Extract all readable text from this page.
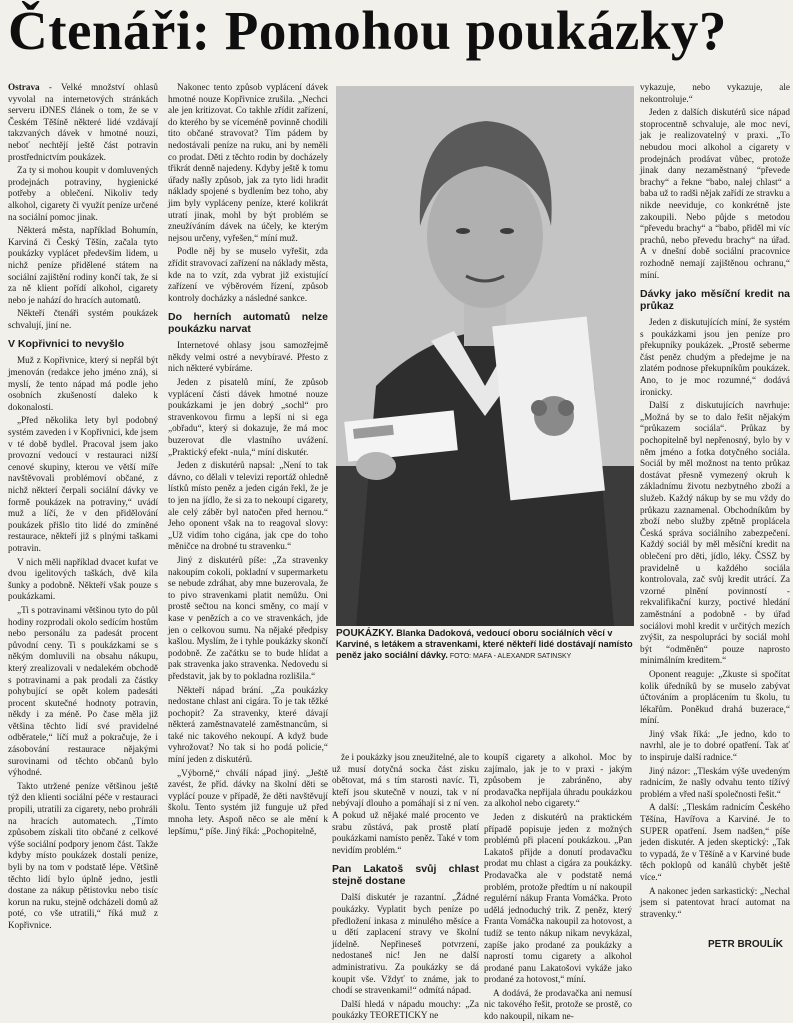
Čtenáři: Pomohou poukázky?

Ostrava - Velké množství ohlasů vyvolal na internetových stránkách serveru iDNES článek o tom, že se v Českém Těšíně některé lidé vzdávají takzvaných dávek v hmotné nouzi, neboť nechtějí ještě část potravin prostřednictvím poukázek.

Za ty si mohou koupit v domluvených prodejnách potraviny, hygienické potřeby a oblečení. Nikoliv tedy alkohol, cigarety či využít peníze určené na sociální pomoc jinak.

Některá města, například Bohumín, Karviná či Český Těšín, začala tyto poukázky vyplácet především lidem, u nichž peníze přidělené státem na sociální zajištění rodiny končí tak, že si za ně klient pořídí alkohol, cigarety nebo je nahází do hracích automatů.

Někteří čtenáři systém poukázek schvalují, jiní ne.

V Kopřivnici to nevyšlo

Muž z Kopřivnice, který si nepřál být jmenován (redakce jeho jméno zná), si myslí, že tento nápad má podle jeho osobních zkušeností daleko k dokonalosti.

„Před několika lety byl podobný systém zaveden i v Kopřivnici, kde jsem v té době bydlel. Pracoval jsem jako provozní vedoucí v restauraci nižší cenové skupiny, kterou ve větší míře navštěvovali problémoví občané, z nichž některí čerpali sociální dávky ve formě poukázek na potraviny,“ uvádí muž a líčí, že v den přidělování poukázek přišlo tito lidé do zmíněné restaurace, někteří již s plnými taškami potravin.

V nich měli například dvacet kufat ve dvou igelitových taškách, dvě kila šunky a podobně. Někteří však pouze s poukázkami.

„Ti s potravinami většinou tyto do půl hodiny rozprodali okolo sedícím hostům nebo personálu za padesát procent původní ceny. Ti s poukázkami se s někým domluvili na obsahu nákupu, který zrealizovali v nedalekém obchodě s potravinami a pak prodali za částky pohybující se opět kolem padesáti procent skutečné hodnoty potravin, někdy i za méně. Po čase měla již většina těchto lidí své pravidelné odběratele,“ líčí muž a pokračuje, že i zásobování restaurace nějakými surovinami od těchto občanů bylo výhodné.

Takto utržené peníze většinou ještě týž den klienti sociální péče v restauraci propili, utratili za cigarety, nebo prohráli na hracích automatech. „Tímto způsobem získali tito občané z celkové výše sociální podpory jenom část. Takže kdyby místo poukázek dostali peníze, byli by na tom v podstatě lépe. Většině těchto lidí bylo úplně jedno, jestli dostane za nákup pětistovku nebo tisíc korun na ruku, stejně odcházeli domů až poté, co vše utratili,“ říká muž z Kopřivnice.

Nakonec tento způsob vyplácení dávek hmotné nouze Kopřivnice zrušila. „Nechci ale jen kritizovat. Co takhle zřídit zařízení, do kterého by se víceméně povinně chodili tito občané stravovat? Tím pádem by nedostávali peníze na ruku, ani by neměli co prodat. Děti z těchto rodin by docházely třikrát denně najedeny. Kdyby ještě k tomu úřady našly způsob, jak za tyto lidi hradit náklady spojené s bydlením bez toho, aby jim byly vypláceny peníze, které kolikrát utratí jinak, mohl by být problém se zneužíváním dávek na účely, ke kterým nejsou určeny, vyřešen,“ míní muž.

Podle něj by se muselo vyřešit, zda zřídit stravovací zařízení na náklady města, kde na to vzít, zda vybrat již existující zařízení ve výběrovém řízení, způsob kontroly docházky a následné sankce.

Do herních automatů nelze poukázku narvat

Internetové ohlasy jsou samozřejmě někdy velmi ostré a nevybíravé. Přesto z nich některé vybíráme.

Jeden z pisatelů míní, že způsob vyplácení části dávek hmotné nouze poukázkami je jen dobrý „sochl“ pro stravenkovou firmu a lepší ni si ega „obřadu“, který si dokazuje, že má moc buzerovat dle vlastního uvážení. „Praktický efekt -nula,“ míní diskutér.

Jeden z diskutérů napsal: „Není to tak dávno, co dělali v televizi reportáž ohledně lístků místo peněz a jeden cigán řekl, že je to jen na jídlo, že si za to nekoupí cigarety, ale celý záběr byl natočen před hernou.“ Jeho oponent však na to reagoval slovy: „Už vidím toho cigána, jak cpe do toho měničce na drobné tu stravenku.“

Jiný z diskutérů píše: „Za stravenky nakoupím cokoli, pokladní v supermarketu se nebude zdráhat, aby mne buzerovala, že to pivo stravenkami platit nemůžu. Oni prostě sečtou na konci směny, co mají v kase v penězích a co ve stravenkách, jde jen o celkovou sumu. Na nějaké předpisy kašlou. Myslím, že i tyhle poukázky skončí podobně. Ze začátku se to bude hlídat a pak stravenka jako stravenka. Nedovedu si představit, jak by to pokladna rozlišila.“

Někteří nápad brání. „Za poukázky nedostane chlast ani cigára. To je tak těžké pochopit? Za stravenky, které dávají některá zaměstnavatelé zaměstnancům, si také nic takového nekoupí. A když bude vyhrožovat? No tak si ho podá policie,“ míní jeden z diskutérů.

„Výborně,“ chválí nápad jiný. „Ještě zavést, že příd. dávky na školní děti se vyplácí pouze v případě, že děti navštěvují školu. Tento systém již funguje už před mnoha lety. Aspoň něco se ale mění k lepšímu,“ píše. Jiný říká: „Pochopitelně,

POUKÁZKY. Blanka Dadoková, vedoucí oboru sociálních věcí v Karviné, s letákem a stravenkami, které někteří lidé dostávají namísto peněz jako sociální dávky. FOTO: MAFA - ALEXANDR SATINSKY

že i poukázky jsou zneužitelné, ale to už musí dotyčná socka část zisku obětovat, má s tím starosti navíc. Ti, kteří jsou skutečně v nouzi, tak v ní nebývají dlouho a pomáhají si z ní ven. A pokud už nějaké malé procento ve srabu zůstává, pak prostě platí poukázkami namísto peněz. Také v tom nevidím problém.“

Pan Lakatoš svůj chlast stejně dostane

Další diskutér je razantní. „Žádné poukázky. Vyplatit bych peníze po předložení inkasa z minulého měsíce a u dětí zaplacení stravy ve školní jídelně. Nepřineseš potvrzení, nedostaneš nic! Jen ne další administrativu. Za poukázky se dá koupit vše. Vždyť to známe, jak to chodí se stravenkami!“ odmítá nápad.

Další hledá v nápadu mouchy: „Za poukázky TEORETICKY ne

koupíš cigarety a alkohol. Moc by zajímalo, jak je to v praxi - jakým způsobem je zabráněno, aby prodavačka nepřijala úhradu poukázkou za alkohol nebo cigarety.“

Jeden z diskutérů na praktickém případě popisuje jeden z možných problémů při placení poukázkou. „Pan Lakatoš přijde a donutí prodavačku prodat mu chlast a cigára za poukázky. Prodavačka ale v podstatě nemá problém, protože předtím u ní nakoupil regulérní nákup Franta Vomáčka. Proto udělá jednoduchý trik. Z peněz, který Franta Vomáčka nakoupil za hotovost, a tudíž se tento nákup nikam nevykázal, zapíše jako prodané za poukázky a naprostí tomu cigarety a alkohol prodané panu Lakatošovi vykáže jako prodané za hotovost,“ míní.

A dodává, že prodavačka ani nemusí nic takového řešit, protože se prostě, co kdo nakoupil, nikam ne-

vykazuje, nebo vykazuje, ale nekontroluje.“

Jeden z dalších diskutérů sice nápad stoprocentně schvaluje, ale moc neví, jak je realizovatelný v praxi. „To nebudou moci alkohol a cigarety v prodejnách prodávat vůbec, protože jinak dany nezaměstnaný “převede brachy“ a řekne “babo, nalej chlast“ a baba už to radši nějak zařídí ze stravku a nikde neeviduje, co konkrétně jste zakoupili. Nebo půjde s metodou “převedu brachy“ a “babo, přiděl mi víc prachů, nebo převedu brachy“ na úřad. A v dnešní době sociální pracovnice rozhodně nemají zajištěnou ochranu,“ míní.

Dávky jako měsíční kredit na průkaz

Jeden z diskutujících míní, že systém s poukázkami jsou jen peníze pro překupníky poukázek. „Prostě seberme část peněz chudým a předejme je na zlatém podnose překupníkům poukázek. Ano, to je moc rozumné,“ dodává ironicky.

Další z diskutujících navrhuje: „Možná by se to dalo řešit nějakým “průkazem sociála“. Průkaz by pochopitelně byl nepřenosný, bylo by v něm jméno a fotka dotyčného sociála. Sociál by měl možnost na tento průkaz dostávat přesně vymezený okruh k základnímu životu nezbytného zboží a služeb. Každý nákup by se mu vždy do průkazu zaznamenal. Obchodníkům by zboží nebo služby zpětně proplácela Česká správa sociálního zabezpečení. Každý sociál by měl měsíční kredit na oblečení pro děti, jídlo, léky. ČSSZ by pravidelně u každého sociála kontrolovala, zač svůj kredit utrácí. Za vzorné plnění povinností - rekvalifikační kurzy, poctivé hledání zaměstnání a podobně - by úřad sociálovi mohl kredit v určitých mezích zvýšit, za nespolupráci by sociál mohl být “odměněn“ pouze naprosto minimálním kreditem.“

Oponent reaguje: „Zkuste si spočítat kolik úředníků by se muselo zabývat účtováním a proplácením tu školu, tu lékařům. Poněkud drahá buzerace,“ míní.

Jiný však říká: „Je jedno, kdo to navrhl, ale je to dobré opatření. Tak ať to inspiruje další radnice.“

Jiný názor: „Tleskám výše uvedeným radnicím, že našly odvahu tento tížívý problém a vřed naší společnosti řešit.“

A další: „Tleskám radnicím Českého Těšína, Havířova a Karviné. Je to SUPER opatření. Jsem nadšen,“ píše jeden diskutér. A jeden skeptický: „Tak to vypadá, že v Těšíně a v Karviné bude těch poklopů od kanálů chybět ještě více.“

A nakonec jeden sarkastický: „Nechal jsem si patentovat hrací automat na stravenky.“

PETR BROULÍK
